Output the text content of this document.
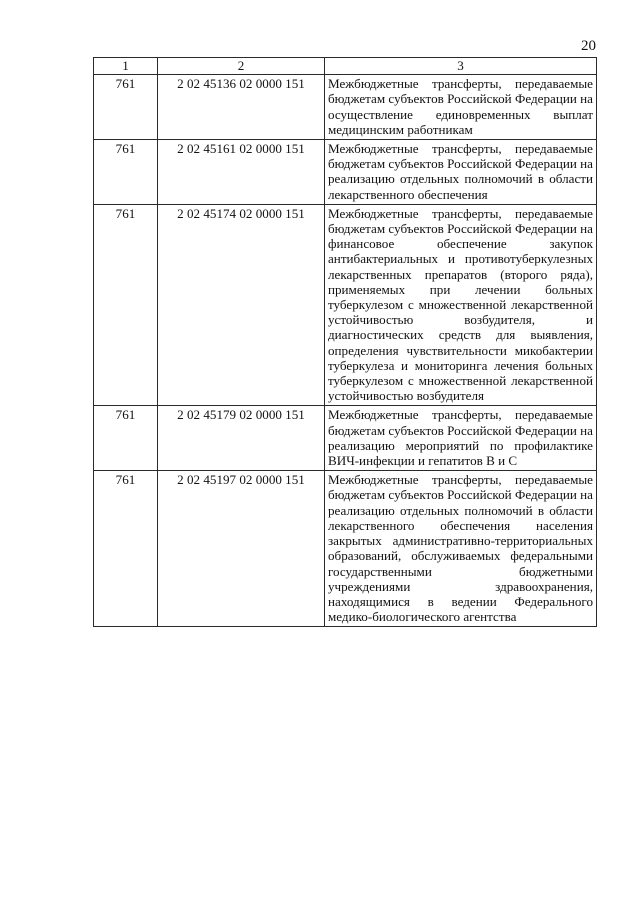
20
1	2	3
761	2 02 45136 02 0000 151	Межбюджетные трансферты, передаваемые бюджетам субъектов Российской Федерации на осуществление единовременных выплат медицинским работникам
761	2 02 45161 02 0000 151	Межбюджетные трансферты, передаваемые бюджетам субъектов Российской Федерации на реализацию отдельных полномочий в области лекарственного обеспечения
761	2 02 45174 02 0000 151	Межбюджетные трансферты, передаваемые бюджетам субъектов Российской Федерации на финансовое обеспечение закупок антибактериальных и противотуберкулезных лекарственных препаратов (второго ряда), применяемых при лечении больных туберкулезом с множественной лекарственной устойчивостью возбудителя, и диагностических средств для выявления, определения чувствительности микобактерии туберкулеза и мониторинга лечения больных туберкулезом с множественной лекарственной устойчивостью возбудителя
761	2 02 45179 02 0000 151	Межбюджетные трансферты, передаваемые бюджетам субъектов Российской Федерации на реализацию мероприятий по профилактике ВИЧ-инфекции и гепатитов B и C
761	2 02 45197 02 0000 151	Межбюджетные трансферты, передаваемые бюджетам субъектов Российской Федерации на реализацию отдельных полномочий в области лекарственного обеспечения населения закрытых административно-территориальных образований, обслуживаемых федеральными государственными бюджетными учреждениями здравоохранения, находящимися в ведении Федерального медико-биологического агентства
